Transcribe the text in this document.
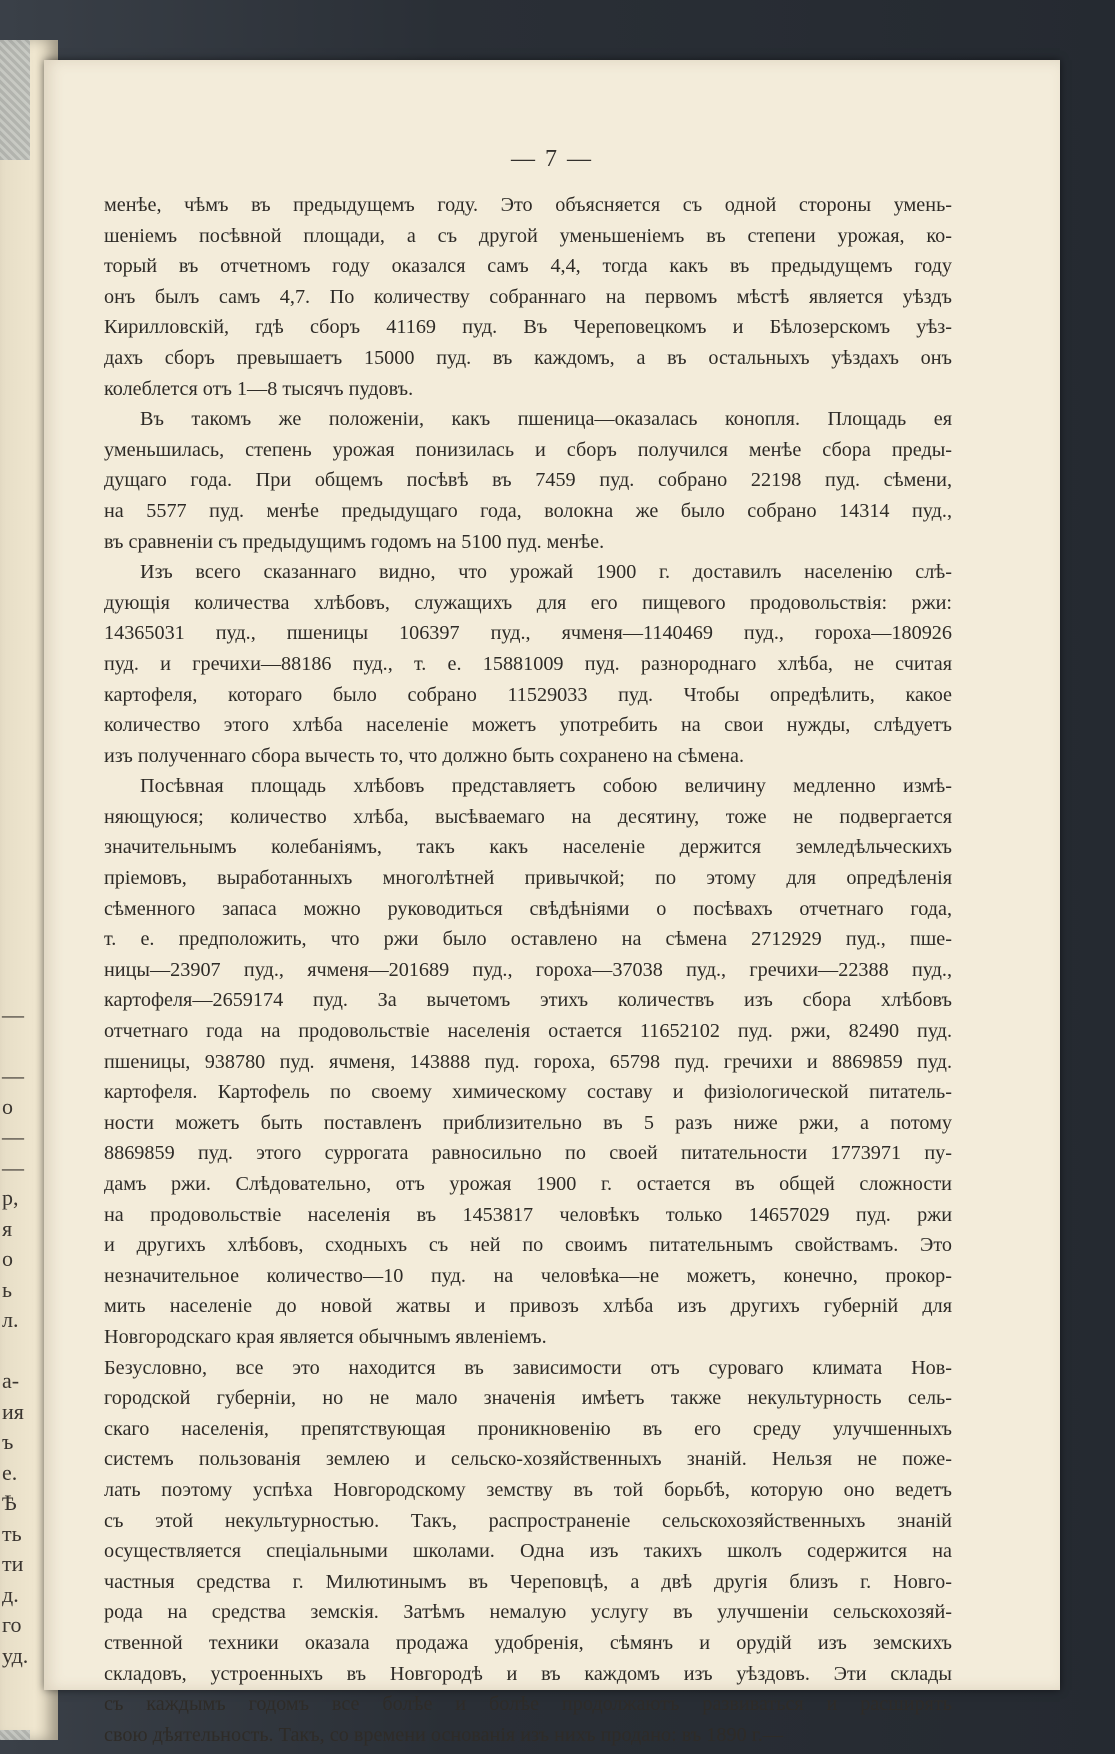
—

—
o
—
—
р,
я
о
ь
л.

а-
ия
ъ
е.
Ѣ
ть
ти
д.
го
уд.
— 7 —
менѣе, чѣмъ въ предыдущемъ году. Это объясняется съ одной стороны умень-
шеніемъ посѣвной площади, а съ другой уменьшеніемъ въ степени урожая, ко-
торый въ отчетномъ году оказался самъ 4,4, тогда какъ въ предыдущемъ году
онъ былъ самъ 4,7. По количеству собраннаго на первомъ мѣстѣ является уѣздъ
Кирилловскій, гдѣ сборъ 41169 пуд. Въ Череповецкомъ и Бѣлозерскомъ уѣз-
дахъ сборъ превышаетъ 15000 пуд. въ каждомъ, а въ остальныхъ уѣздахъ онъ
колеблется отъ 1—8 тысячъ пудовъ.
Въ такомъ же положеніи, какъ пшеница—оказалась конопля. Площадь ея
уменьшилась, степень урожая понизилась и сборъ получился менѣе сбора преды-
дущаго года. При общемъ посѣвѣ въ 7459 пуд. собрано 22198 пуд. сѣмени,
на 5577 пуд. менѣе предыдущаго года, волокна же было собрано 14314 пуд.,
въ сравненіи съ предыдущимъ годомъ на 5100 пуд. менѣе.
Изъ всего сказаннаго видно, что урожай 1900 г. доставилъ населенію слѣ-
дующія количества хлѣбовъ, служащихъ для его пищевого продовольствія: ржи:
14365031 пуд., пшеницы 106397 пуд., ячменя—1140469 пуд., гороха—180926
пуд. и гречихи—88186 пуд., т. е. 15881009 пуд. разнороднаго хлѣба, не считая
картофеля, котораго было собрано 11529033 пуд. Чтобы опредѣлить, какое
количество этого хлѣба населеніе можетъ употребить на свои нужды, слѣдуетъ
изъ полученнаго сбора вычесть то, что должно быть сохранено на сѣмена.
Посѣвная площадь хлѣбовъ представляетъ собою величину медленно измѣ-
няющуюся; количество хлѣба, высѣваемаго на десятину, тоже не подвергается
значительнымъ колебаніямъ, такъ какъ населеніе держится земледѣльческихъ
пріемовъ, выработанныхъ многолѣтней привычкой; по этому для опредѣленія
сѣменного запаса можно руководиться свѣдѣніями о посѣвахъ отчетнаго года,
т. е. предположить, что ржи было оставлено на сѣмена 2712929 пуд., пше-
ницы—23907 пуд., ячменя—201689 пуд., гороха—37038 пуд., гречихи—22388 пуд.,
картофеля—2659174 пуд. За вычетомъ этихъ количествъ изъ сбора хлѣбовъ
отчетнаго года на продовольствіе населенія остается 11652102 пуд. ржи, 82490 пуд.
пшеницы, 938780 пуд. ячменя, 143888 пуд. гороха, 65798 пуд. гречихи и 8869859 пуд.
картофеля. Картофель по своему химическому составу и физіологической питатель-
ности можетъ быть поставленъ приблизительно въ 5 разъ ниже ржи, а потому
8869859 пуд. этого суррогата равносильно по своей питательности 1773971 пу-
дамъ ржи. Слѣдовательно, отъ урожая 1900 г. остается въ общей сложности
на продовольствіе населенія въ 1453817 человѣкъ только 14657029 пуд. ржи
и другихъ хлѣбовъ, сходныхъ съ ней по своимъ питательнымъ свойствамъ. Это
незначительное количество—10 пуд. на человѣка—не можетъ, конечно, прокор-
мить населеніе до новой жатвы и привозъ хлѣба изъ другихъ губерній для
Новгородскаго края является обычнымъ явленіемъ.
Безусловно, все это находится въ зависимости отъ суроваго климата Нов-
городской губерніи, но не мало значенія имѣетъ также некультурность сель-
скаго населенія, препятствующая проникновенію въ его среду улучшенныхъ
системъ пользованія землею и сельско-хозяйственныхъ знаній. Нельзя не поже-
лать поэтому успѣха Новгородскому земству въ той борьбѣ, которую оно ведетъ
съ этой некультурностью. Такъ, распространеніе сельскохозяйственныхъ знаній
осуществляется спеціальными школами. Одна изъ такихъ школъ содержится на
частныя средства г. Милютинымъ въ Череповцѣ, а двѣ другія близъ г. Новго-
рода на средства земскія. Затѣмъ немалую услугу въ улучшеніи сельскохозяй-
ственной техники оказала продажа удобренія, сѣмянъ и орудій изъ земскихъ
складовъ, устроенныхъ въ Новгородѣ и въ каждомъ изъ уѣздовъ. Эти склады
съ каждымъ годомъ все болѣе и болѣе продолжаютъ развиваться и расширять
свою дѣятельность. Такъ, со времени основанія изъ нихъ продано: въ 1890 г.—
